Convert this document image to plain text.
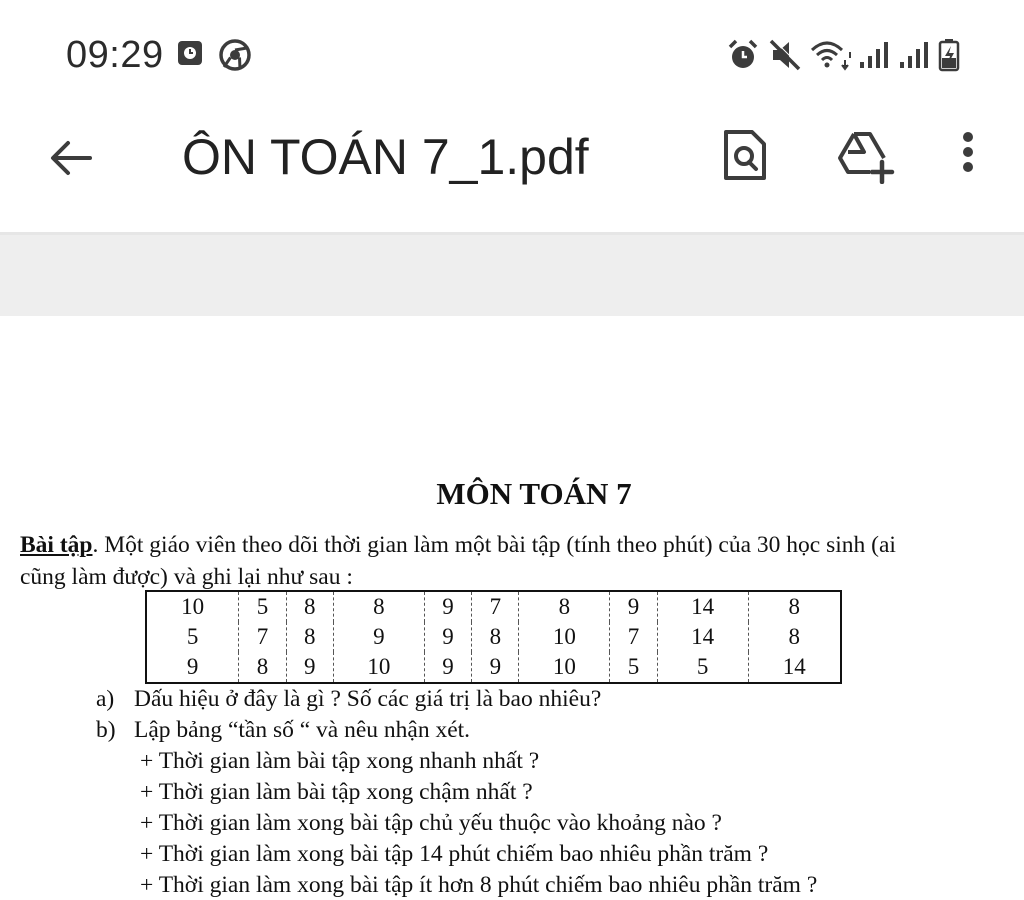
09:29
ÔN TOÁN 7_1.pdf
MÔN TOÁN 7
Bài tập. Một giáo viên theo dõi thời gian làm một bài tập (tính theo phút) của 30 học sinh (ai
cũng làm được) và ghi lại như sau :
10	5	8	8	9	7	8	9	14	8
5	7	8	9	9	8	10	7	14	8
9	8	9	10	9	9	10	5	5	14
a) Dấu hiệu ở đây là gì ? Số các giá trị là bao nhiêu?
b) Lập bảng “tần số “ và nêu nhận xét.
+ Thời gian làm bài tập xong nhanh nhất ?
+ Thời gian làm bài tập xong chậm nhất ?
+ Thời gian làm xong bài tập chủ yếu thuộc vào khoảng nào ?
+ Thời gian làm xong bài tập 14 phút chiếm bao nhiêu phần trăm ?
+ Thời gian làm xong bài tập ít hơn 8 phút chiếm bao nhiêu phần trăm ?
